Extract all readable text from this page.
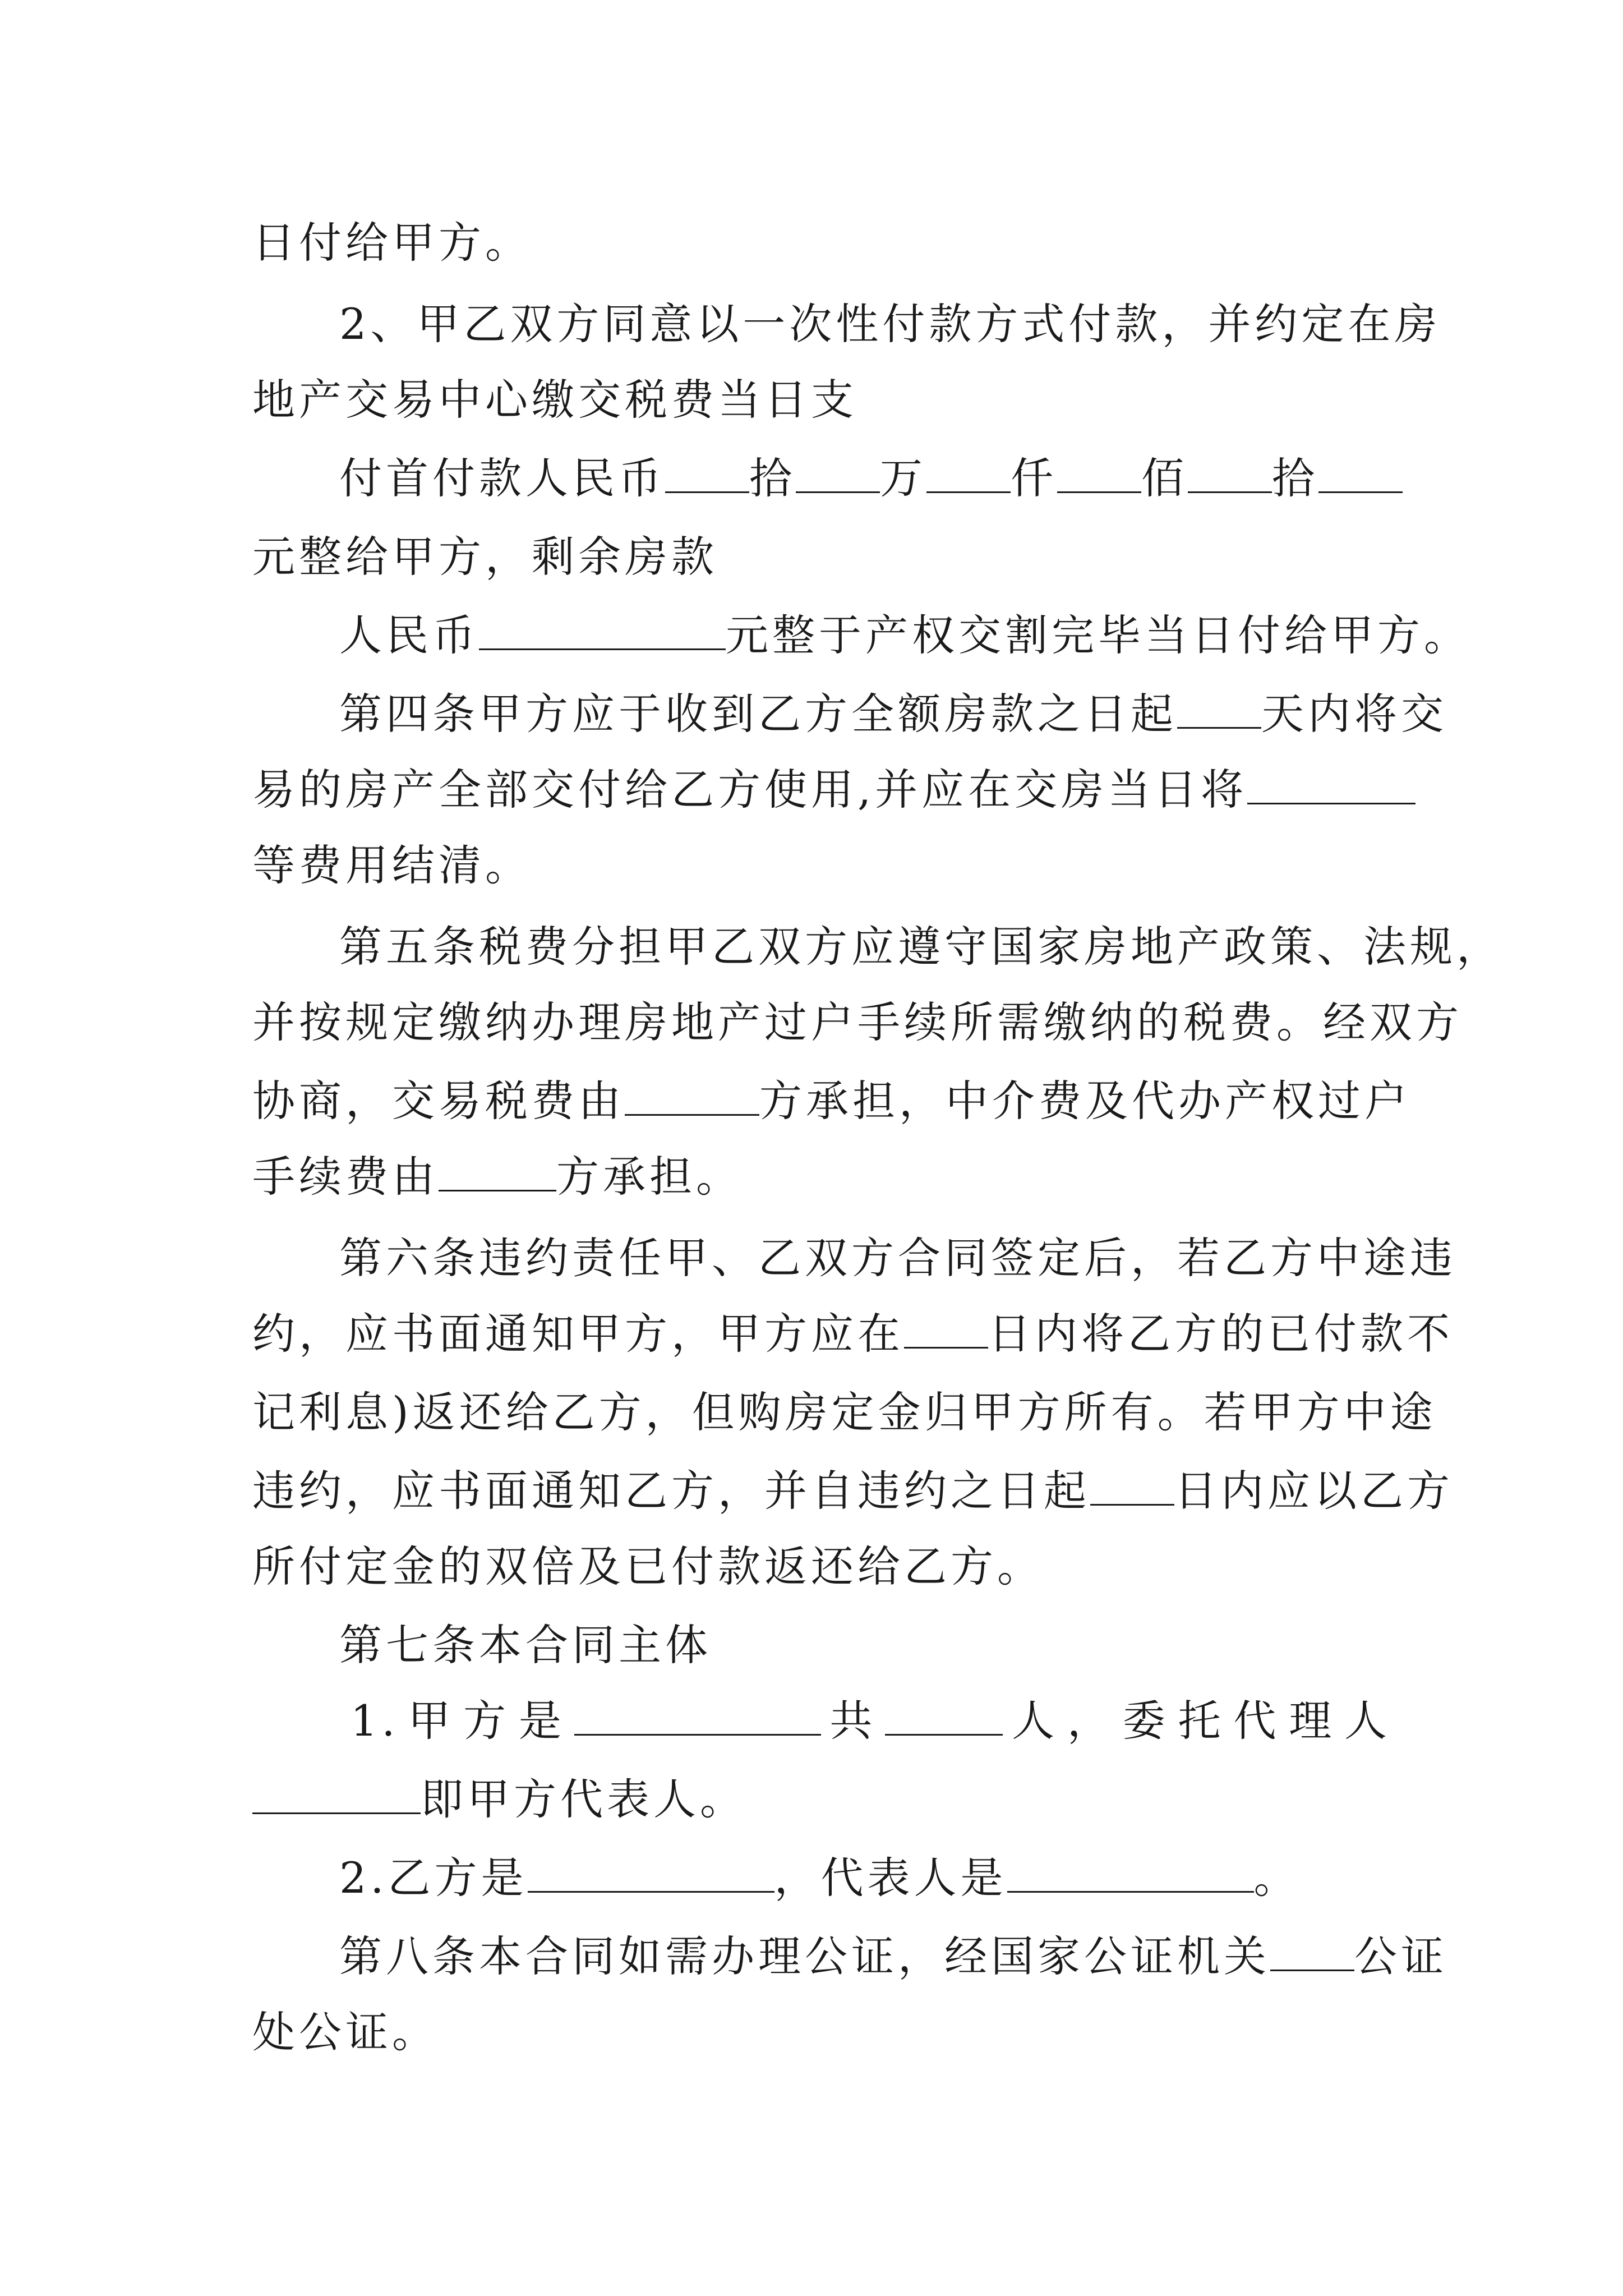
日付给甲方。
2、甲乙双方同意以一次性付款方式付款，并约定在房
地产交易中心缴交税费当日支
付首付款人民币 拾 万 仟 佰 拾
元整给甲方，剩余房款
人民币	元整于产权交割完毕当日付给甲方。
第四条甲方应于收到乙方全额房款之日起 天内将交
易的房产全部交付给乙方使用,并应在交房当日将
等费用结清。
第五条税费分担甲乙双方应遵守国家房地产政策、法规，
并按规定缴纳办理房地产过户手续所需缴纳的税费。经双方
协商，交易税费由	方承担，中介费及代办产权过户
手续费由	方承担。
第六条违约责任甲、乙双方合同签定后，若乙方中途违
约，应书面通知甲方，甲方应在 日内将乙方的已付款不
记利息)返还给乙方，但购房定金归甲方所有。若甲方中途
违约，应书面通知乙方，并自违约之日起 日内应以乙方
所付定金的双倍及已付款返还给乙方。
第七条本合同主体
1.甲方是	共	人，委托代理人
即甲方代表人。
2.乙方是	，代表人是	。
第八条本合同如需办理公证，经国家公证机关 公证
处公证。
